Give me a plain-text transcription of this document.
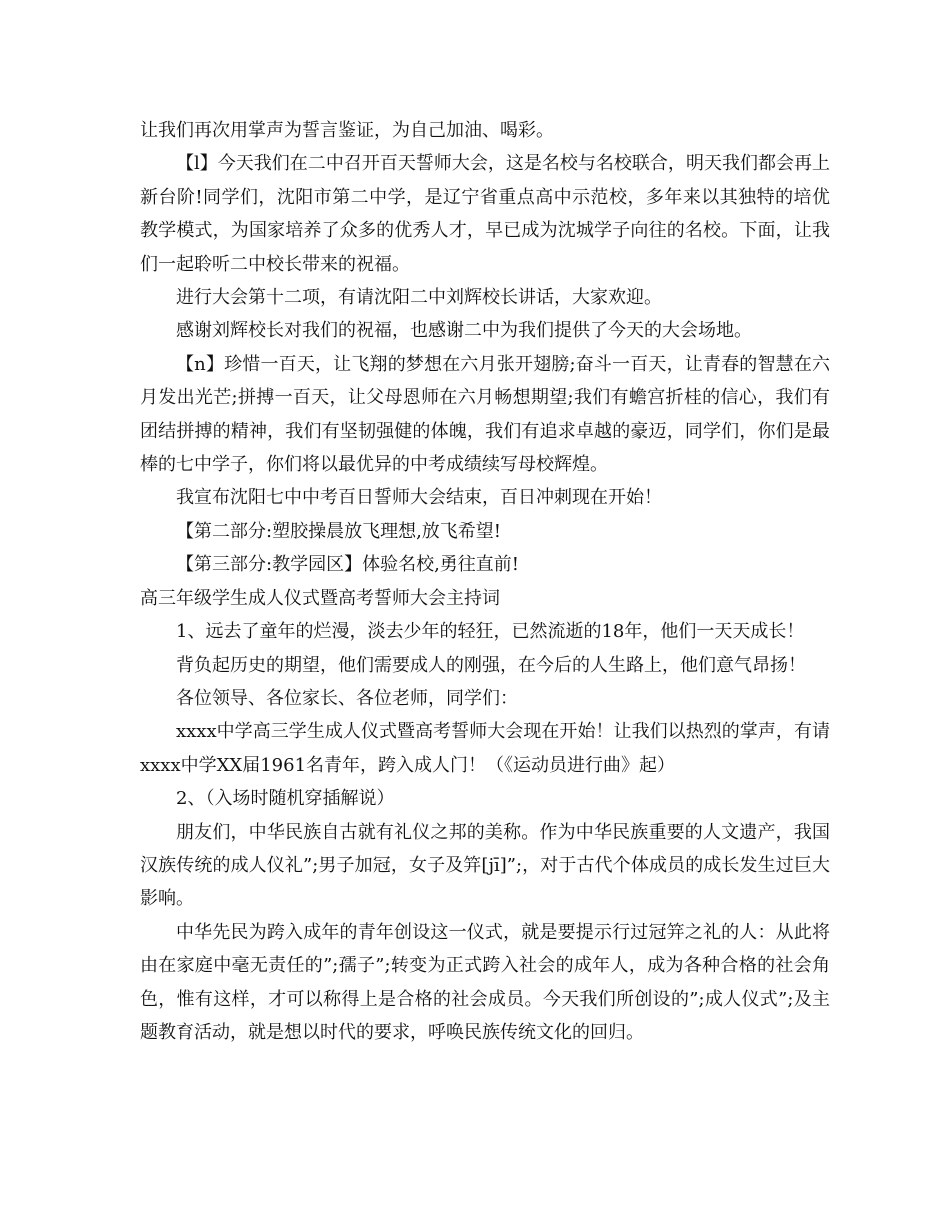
让我们再次用掌声为誓言鉴证，为自己加油、喝彩。

【l】今天我们在二中召开百天誓师大会，这是名校与名校联合，明天我们都会再上新台阶!同学们，沈阳市第二中学，是辽宁省重点高中示范校，多年来以其独特的培优教学模式，为国家培养了众多的优秀人才，早已成为沈城学子向往的名校。下面，让我们一起聆听二中校长带来的祝福。

进行大会第十二项，有请沈阳二中刘辉校长讲话，大家欢迎。

感谢刘辉校长对我们的祝福，也感谢二中为我们提供了今天的大会场地。

【n】珍惜一百天，让飞翔的梦想在六月张开翅膀;奋斗一百天，让青春的智慧在六月发出光芒;拼搏一百天，让父母恩师在六月畅想期望;我们有蟾宫折桂的信心，我们有团结拼搏的精神，我们有坚韧强健的体魄，我们有追求卓越的豪迈，同学们，你们是最棒的七中学子，你们将以最优异的中考成绩续写母校辉煌。

我宣布沈阳七中中考百日誓师大会结束，百日冲刺现在开始！

【第二部分:塑胶操晨放飞理想,放飞希望!

【第三部分:教学园区】体验名校,勇往直前!

高三年级学生成人仪式暨高考誓师大会主持词

1、远去了童年的烂漫，淡去少年的轻狂，已然流逝的18年，他们一天天成长！

背负起历史的期望，他们需要成人的刚强，在今后的人生路上，他们意气昂扬！

各位领导、各位家长、各位老师，同学们：

xxxx中学高三学生成人仪式暨高考誓师大会现在开始！让我们以热烈的掌声，有请xxxx中学XX届1961名青年，跨入成人门！（《运动员进行曲》起）

2、（入场时随机穿插解说）

朋友们，中华民族自古就有礼仪之邦的美称。作为中华民族重要的人文遗产，我国汉族传统的成人仪礼”;男子加冠，女子及笄[jī]”;，对于古代个体成员的成长发生过巨大影响。

中华先民为跨入成年的青年创设这一仪式，就是要提示行过冠笄之礼的人：从此将由在家庭中毫无责任的”;孺子”;转变为正式跨入社会的成年人，成为各种合格的社会角色，惟有这样，才可以称得上是合格的社会成员。今天我们所创设的”;成人仪式”;及主题教育活动，就是想以时代的要求，呼唤民族传统文化的回归。
